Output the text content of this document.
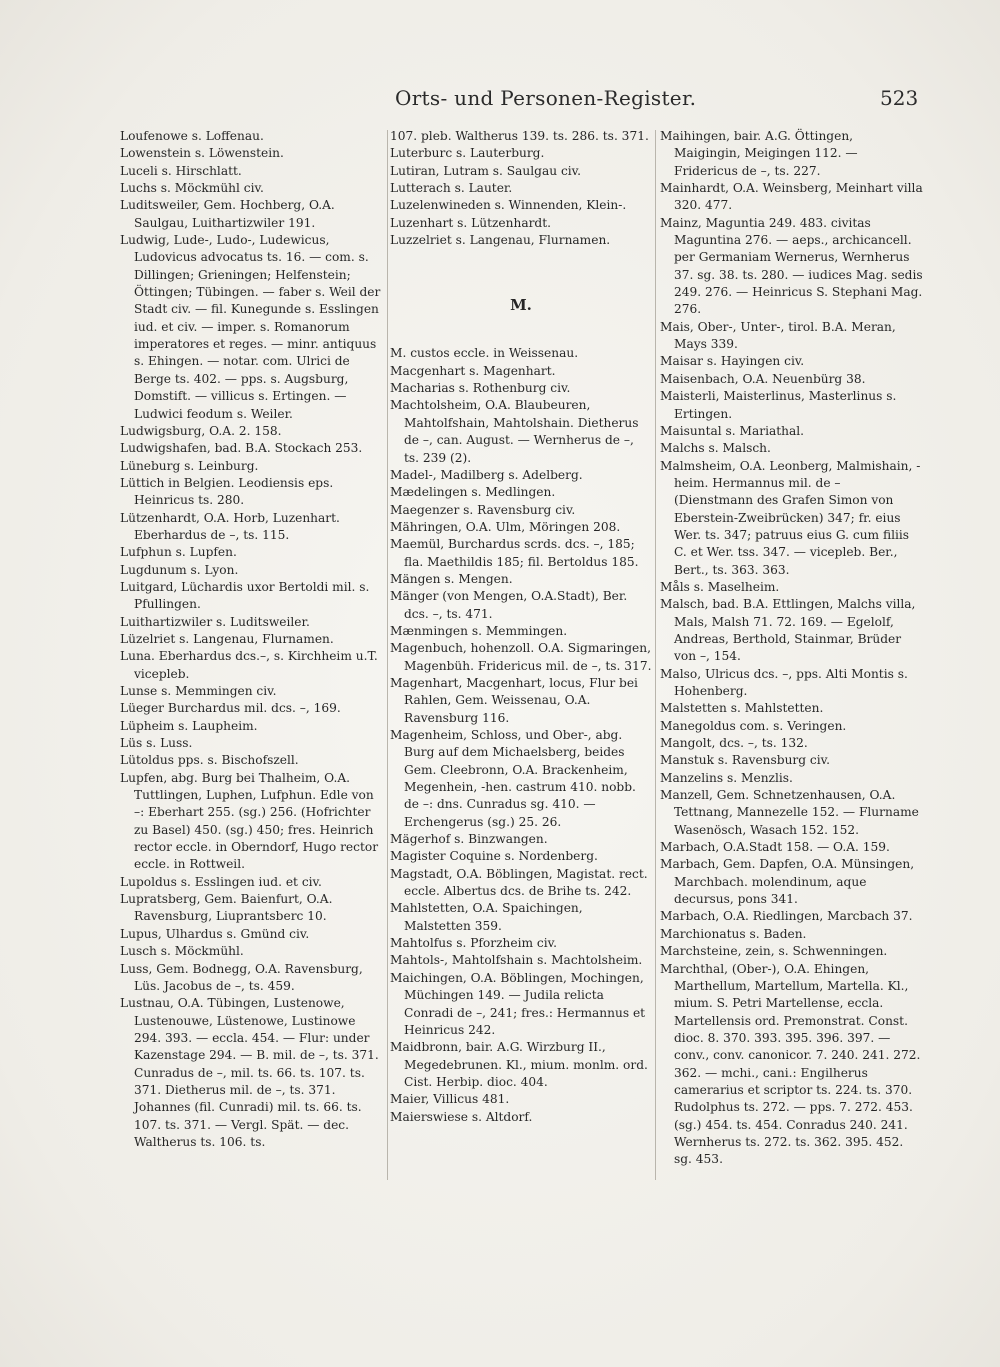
Orts- und Personen-Register.	523

Loufenowe s. Loffenau.

Lowenstein s. Löwenstein.

Luceli s. Hirschlatt.

Luchs s. Möckmühl civ.

Luditsweiler, Gem. Hochberg, O.A. Saulgau, Luithartizwiler 191.

Ludwig, Lude-, Ludo-, Ludewicus, Ludovicus advocatus ts. 16. — com. s. Dillingen; Grieningen; Helfenstein; Öttingen; Tübingen. — faber s. Weil der Stadt civ. — fil. Kunegunde s. Esslingen iud. et civ. — imper. s. Romanorum imperatores et reges. — minr. antiquus s. Ehingen. — notar. com. Ulrici de Berge ts. 402. — pps. s. Augsburg, Domstift. — villicus s. Ertingen. — Ludwici feodum s. Weiler.

Ludwigsburg, O.A. 2. 158.

Ludwigshafen, bad. B.A. Stockach 253.

Lüneburg s. Leinburg.

Lüttich in Belgien. Leodiensis eps. Heinricus ts. 280.

Lützenhardt, O.A. Horb, Luzenhart. Eberhardus de –, ts. 115.

Lufphun s. Lupfen.

Lugdunum s. Lyon.

Luitgard, Lüchardis uxor Bertoldi mil. s. Pfullingen.

Luithartizwiler s. Luditsweiler.

Lüzelriet s. Langenau, Flurnamen.

Luna. Eberhardus dcs.–, s. Kirchheim u.T. vicepleb.

Lunse s. Memmingen civ.

Lüeger Burchardus mil. dcs. –, 169.

Lüpheim s. Laupheim.

Lüs s. Luss.

Lütoldus pps. s. Bischofszell.

Lupfen, abg. Burg bei Thalheim, O.A. Tuttlingen, Luphen, Lufphun. Edle von –: Eberhart 255. (sg.) 256. (Hofrichter zu Basel) 450. (sg.) 450; fres. Heinrich rector eccle. in Oberndorf, Hugo rector eccle. in Rottweil.

Lupoldus s. Esslingen iud. et civ.

Lupratsberg, Gem. Baienfurt, O.A. Ravensburg, Liuprantsberc 10.

Lupus, Ulhardus s. Gmünd civ.

Lusch s. Möckmühl.

Luss, Gem. Bodnegg, O.A. Ravensburg, Lüs. Jacobus de –, ts. 459.

Lustnau, O.A. Tübingen, Lustenowe, Lustenouwe, Lüstenowe, Lustinowe 294. 393. — eccla. 454. — Flur: under Kazenstage 294. — B. mil. de –, ts. 371. Cunradus de –, mil. ts. 66. ts. 107. ts. 371. Dietherus mil. de –, ts. 371. Johannes (fil. Cunradi) mil. ts. 66. ts. 107. ts. 371. — Vergl. Spät. — dec. Waltherus ts. 106. ts.

107. pleb. Waltherus 139. ts. 286. ts. 371.

Luterburc s. Lauterburg.

Lutiran, Lutram s. Saulgau civ.

Lutterach s. Lauter.

Luzelenwineden s. Winnenden, Klein-.

Luzenhart s. Lützenhardt.

Luzzelriet s. Langenau, Flurnamen.

M.

M. custos eccle. in Weissenau.

Macgenhart s. Magenhart.

Macharias s. Rothenburg civ.

Machtolsheim, O.A. Blaubeuren, Mahtolfshain, Mahtolshain. Dietherus de –, can. August. — Wernherus de –, ts. 239 (2).

Madel-, Madilberg s. Adelberg.

Mædelingen s. Medlingen.

Maegenzer s. Ravensburg civ.

Mähringen, O.A. Ulm, Möringen 208.

Maemül, Burchardus scrds. dcs. –, 185; fla. Maethildis 185; fil. Bertoldus 185.

Mängen s. Mengen.

Mänger (von Mengen, O.A.Stadt), Ber. dcs. –, ts. 471.

Mænmingen s. Memmingen.

Magenbuch, hohenzoll. O.A. Sigmaringen, Magenbüh. Fridericus mil. de –, ts. 317.

Magenhart, Macgenhart, locus, Flur bei Rahlen, Gem. Weissenau, O.A. Ravensburg 116.

Magenheim, Schloss, und Ober-, abg. Burg auf dem Michaelsberg, beides Gem. Cleebronn, O.A. Brackenheim, Megenhein, -hen. castrum 410. nobb. de –: dns. Cunradus sg. 410. — Erchengerus (sg.) 25. 26.

Mägerhof s. Binzwangen.

Magister Coquine s. Nordenberg.

Magstadt, O.A. Böblingen, Magistat. rect. eccle. Albertus dcs. de Brihe ts. 242.

Mahlstetten, O.A. Spaichingen, Malstetten 359.

Mahtolfus s. Pforzheim civ.

Mahtols-, Mahtolfshain s. Machtolsheim.

Maichingen, O.A. Böblingen, Mochingen, Müchingen 149. — Judila relicta Conradi de –, 241; fres.: Hermannus et Heinricus 242.

Maidbronn, bair. A.G. Wirzburg II., Megedebrunen. Kl., mium. monlm. ord. Cist. Herbip. dioc. 404.

Maier, Villicus 481.

Maierswiese s. Altdorf.

Maihingen, bair. A.G. Öttingen, Maigingin, Meigingen 112. — Fridericus de –, ts. 227.

Mainhardt, O.A. Weinsberg, Meinhart villa 320. 477.

Mainz, Maguntia 249. 483. civitas Maguntina 276. — aeps., archicancell. per Germaniam Wernerus, Wernherus 37. sg. 38. ts. 280. — iudices Mag. sedis 249. 276. — Heinricus S. Stephani Mag. 276.

Mais, Ober-, Unter-, tirol. B.A. Meran, Mays 339.

Maisar s. Hayingen civ.

Maisenbach, O.A. Neuenbürg 38.

Maisterli, Maisterlinus, Masterlinus s. Ertingen.

Maisuntal s. Mariathal.

Malchs s. Malsch.

Malmsheim, O.A. Leonberg, Malmishain, -heim. Hermannus mil. de – (Dienstmann des Grafen Simon von Eberstein-Zweibrücken) 347; fr. eius Wer. ts. 347; patruus eius G. cum filiis C. et Wer. tss. 347. — vicepleb. Ber., Bert., ts. 363. 363.

Måls s. Maselheim.

Malsch, bad. B.A. Ettlingen, Malchs villa, Mals, Malsh 71. 72. 169. — Egelolf, Andreas, Berthold, Stainmar, Brüder von –, 154.

Malso, Ulricus dcs. –, pps. Alti Montis s. Hohenberg.

Malstetten s. Mahlstetten.

Manegoldus com. s. Veringen.

Mangolt, dcs. –, ts. 132.

Manstuk s. Ravensburg civ.

Manzelins s. Menzlis.

Manzell, Gem. Schnetzenhausen, O.A. Tettnang, Mannezelle 152. — Flurname Wasenösch, Wasach 152. 152.

Marbach, O.A.Stadt 158. — O.A. 159.

Marbach, Gem. Dapfen, O.A. Münsingen, Marchbach. molendinum, aque decursus, pons 341.

Marbach, O.A. Riedlingen, Marcbach 37.

Marchionatus s. Baden.

Marchsteine, zein, s. Schwenningen.

Marchthal, (Ober-), O.A. Ehingen, Marthellum, Martellum, Martella. Kl., mium. S. Petri Martellense, eccla. Martellensis ord. Premonstrat. Const. dioc. 8. 370. 393. 395. 396. 397. — conv., conv. canonicor. 7. 240. 241. 272. 362. — mchi., cani.: Engilherus camerarius et scriptor ts. 224. ts. 370. Rudolphus ts. 272. — pps. 7. 272. 453. (sg.) 454. ts. 454. Conradus 240. 241. Wernherus ts. 272. ts. 362. 395. 452. sg. 453.
